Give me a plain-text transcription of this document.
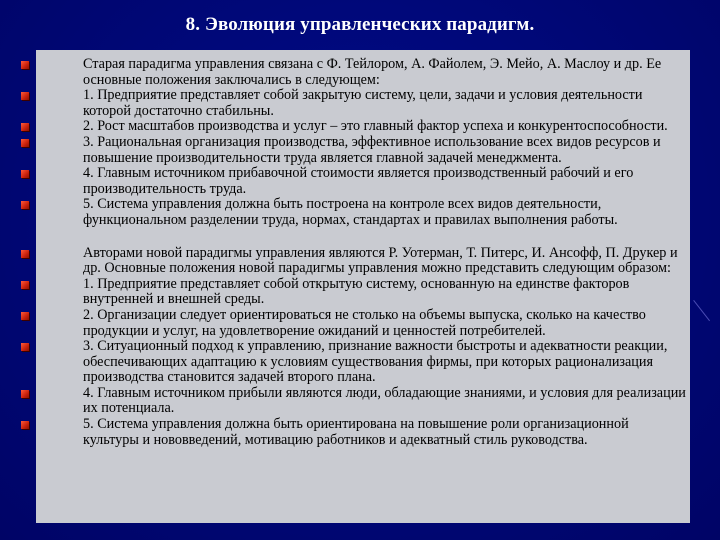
8. Эволюция управленческих парадигм.
Старая парадигма управления связана с Ф. Тейлором, А. Файолем, Э. Мейо, А. Маслоу и др. Ее основные положения заключались в следующем:
1. Предприятие представляет собой закрытую систему, цели, задачи и условия деятельности которой достаточно стабильны.
2. Рост масштабов производства и услуг – это главный фактор успеха и конкурентоспособности.
3. Рациональная организация производства, эффективное использование всех видов ресурсов и повышение производительности труда является главной задачей менеджмента.
4. Главным источником прибавочной стоимости является производственный рабочий и его производительность труда.
5. Система управления должна быть построена на контроле всех видов деятельности, функциональном разделении труда, нормах, стандартах и правилах выполнения работы.
Авторами новой парадигмы управления являются Р. Уотерман, Т. Питерс, И. Ансофф, П. Друкер и др. Основные положения новой парадигмы управления можно представить следующим образом:
1. Предприятие представляет собой открытую систему, основанную на единстве факторов внутренней и внешней среды.
2. Организации следует ориентироваться не столько на объемы выпуска, сколько на качество продукции и услуг, на удовлетворение ожиданий и ценностей потребителей.
3. Ситуационный подход к управлению, признание важности быстроты и адекватности реакции, обеспечивающих адаптацию к условиям существования фирмы, при которых рационализация производства становится задачей второго плана.
4. Главным источником прибыли являются люди, обладающие знаниями, и условия для реализации их потенциала.
5. Система управления должна быть ориентирована на повышение роли организационной культуры и нововведений, мотивацию работников и адекватный стиль руководства.
